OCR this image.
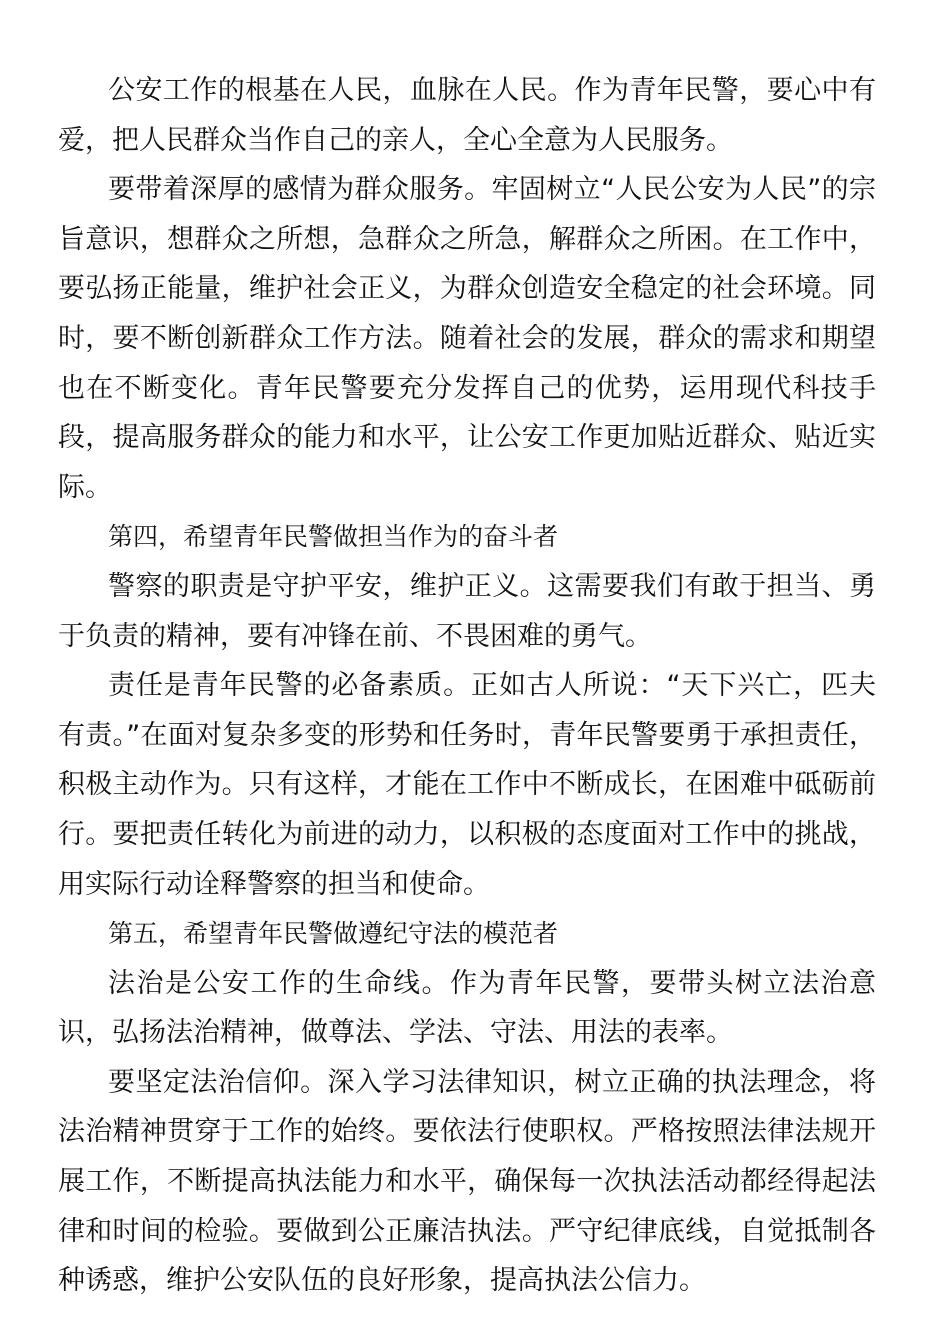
公安工作的根基在人民，血脉在人民。作为青年民警，要心中有爱，把人民群众当作自己的亲人，全心全意为人民服务。

要带着深厚的感情为群众服务。牢固树立“人民公安为人民”的宗旨意识，想群众之所想，急群众之所急，解群众之所困。在工作中，要弘扬正能量，维护社会正义，为群众创造安全稳定的社会环境。同时，要不断创新群众工作方法。随着社会的发展，群众的需求和期望也在不断变化。青年民警要充分发挥自己的优势，运用现代科技手段，提高服务群众的能力和水平，让公安工作更加贴近群众、贴近实际。

第四，希望青年民警做担当作为的奋斗者

警察的职责是守护平安，维护正义。这需要我们有敢于担当、勇于负责的精神，要有冲锋在前、不畏困难的勇气。

责任是青年民警的必备素质。正如古人所说：“天下兴亡，匹夫有责。”在面对复杂多变的形势和任务时，青年民警要勇于承担责任，积极主动作为。只有这样，才能在工作中不断成长，在困难中砥砺前行。要把责任转化为前进的动力，以积极的态度面对工作中的挑战，用实际行动诠释警察的担当和使命。

第五，希望青年民警做遵纪守法的模范者

法治是公安工作的生命线。作为青年民警，要带头树立法治意识，弘扬法治精神，做尊法、学法、守法、用法的表率。

要坚定法治信仰。深入学习法律知识，树立正确的执法理念，将法治精神贯穿于工作的始终。要依法行使职权。严格按照法律法规开展工作，不断提高执法能力和水平，确保每一次执法活动都经得起法律和时间的检验。要做到公正廉洁执法。严守纪律底线，自觉抵制各种诱惑，维护公安队伍的良好形象，提高执法公信力。
